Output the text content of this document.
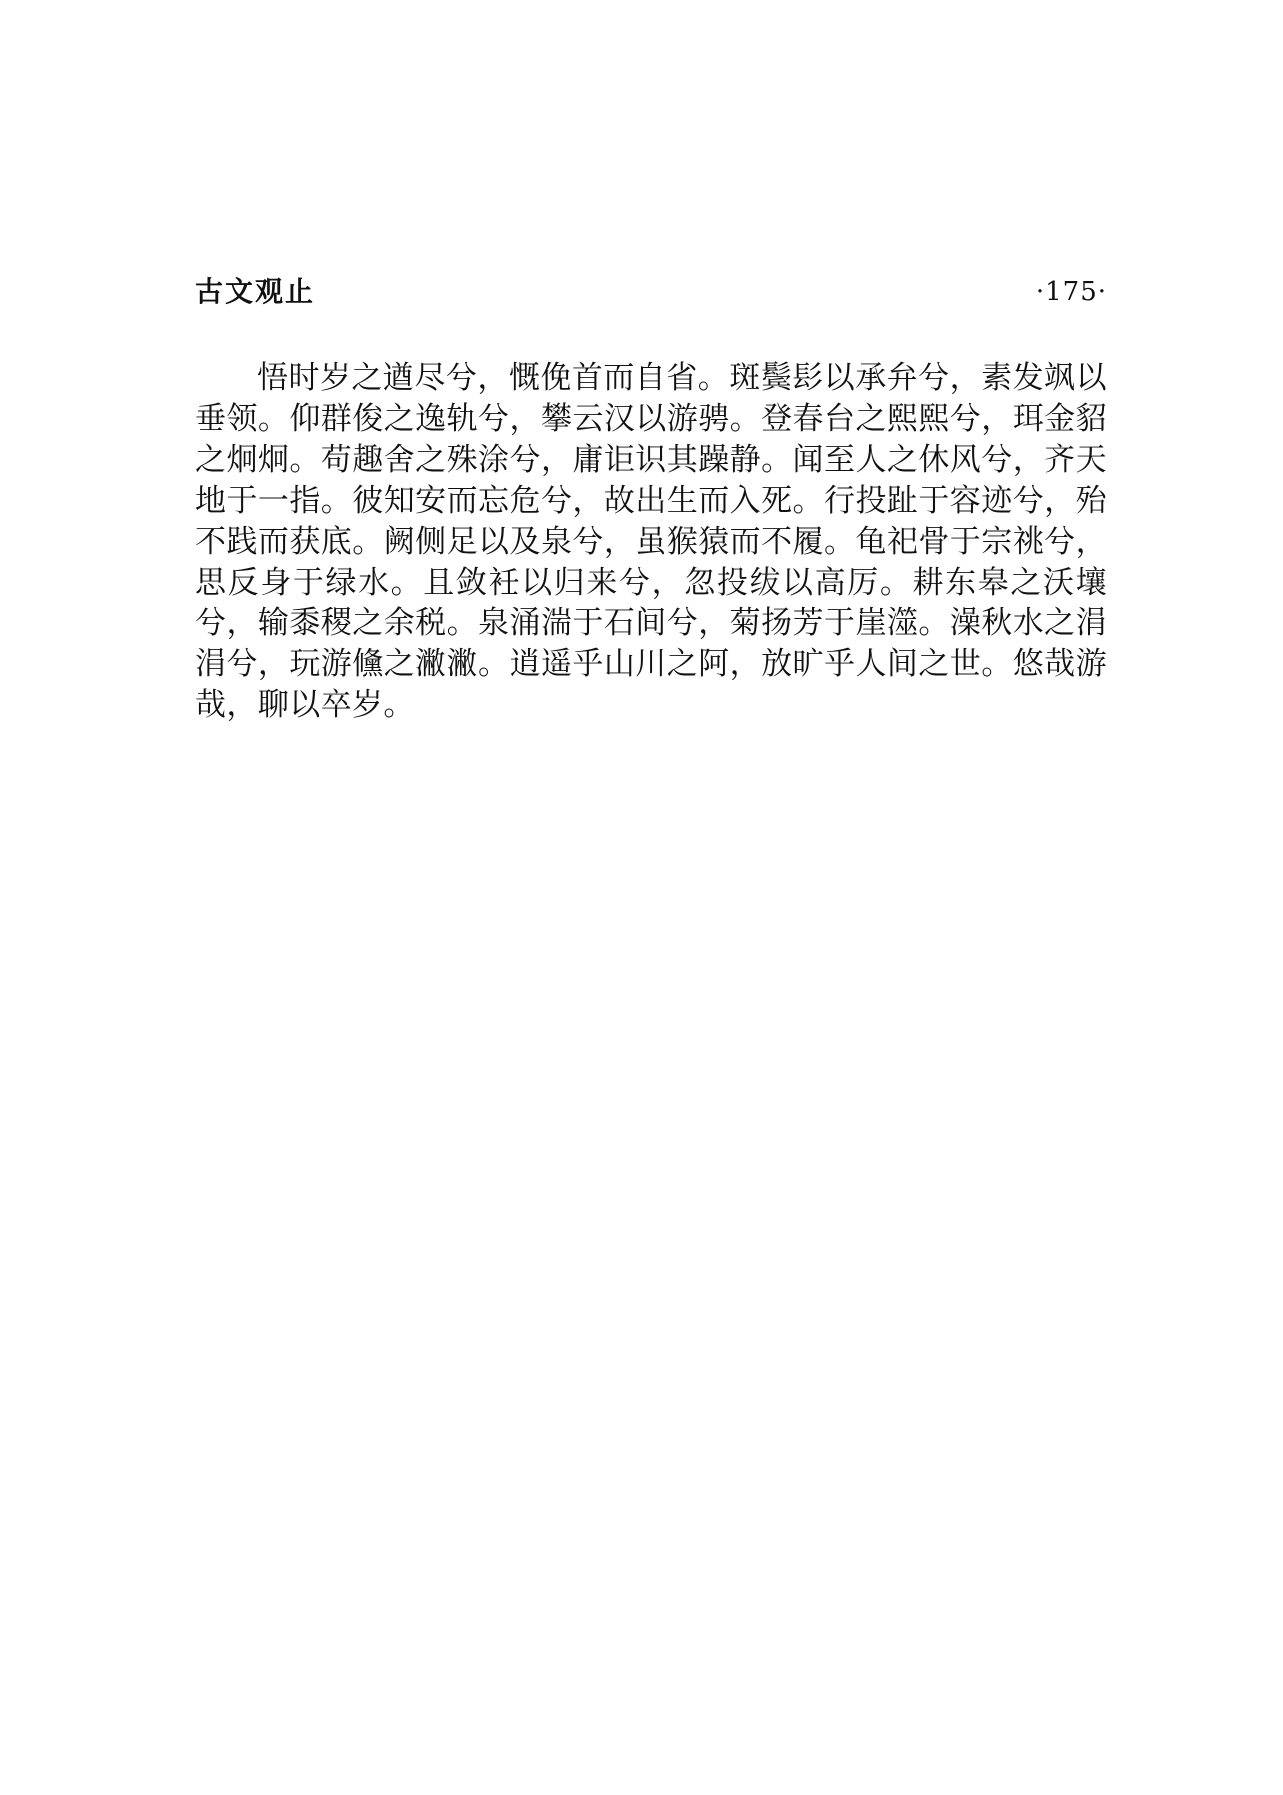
古文观止	·175·

悟时岁之遒尽兮，慨俛首而自省。斑鬓髟以承弁兮，素发飒以垂领。仰群俊之逸轨兮，攀云汉以游骋。登春台之熙熙兮，珥金貂之炯炯。苟趣舍之殊涂兮，庸讵识其躁静。闻至人之休风兮，齐天地于一指。彼知安而忘危兮，故出生而入死。行投趾于容迹兮，殆不践而获底。阙侧足以及泉兮，虽猴猿而不履。龟祀骨于宗祧兮，思反身于绿水。且敛衽以归来兮，忽投绂以高厉。耕东皋之沃壤兮，输黍稷之余税。泉涌湍于石间兮，菊扬芳于崖澨。澡秋水之涓涓兮，玩游儵之潎潎。逍遥乎山川之阿，放旷乎人间之世。悠哉游哉，聊以卒岁。
